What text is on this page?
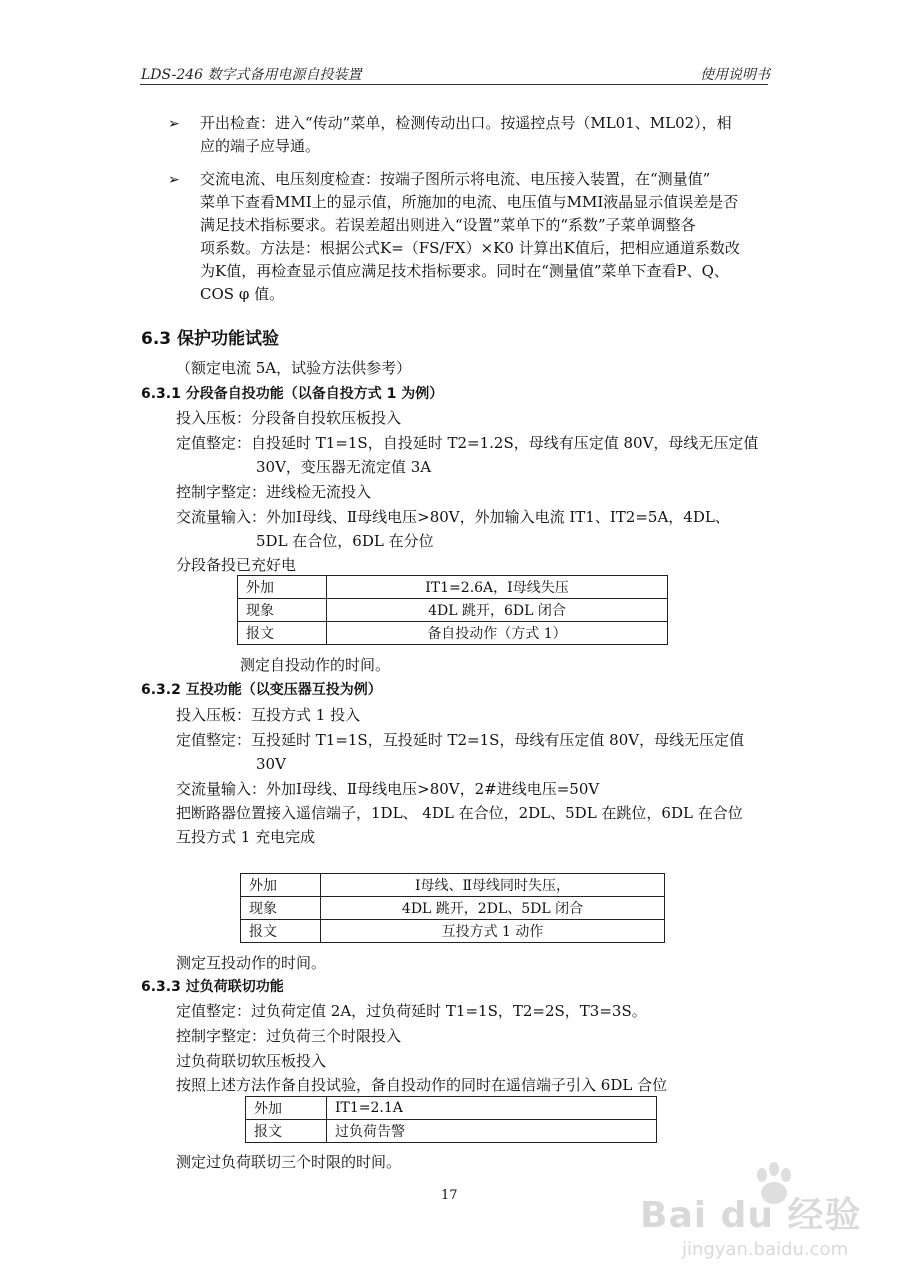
LDS-246 数字式备用电源自投装置	使用说明书
➢ 开出检查：进入“传动”菜单，检测传动出口。按遥控点号（ML01、ML02），相
应的端子应导通。
➢ 交流电流、电压刻度检查：按端子图所示将电流、电压接入装置，在“测量值”
菜单下查看MMI上的显示值，所施加的电流、电压值与MMI液晶显示值误差是否
满足技术指标要求。若误差超出则进入“设置”菜单下的“系数”子菜单调整各
项系数。方法是：根据公式K=（FS/FX）×K0 计算出K值后，把相应通道系数改
为K值，再检查显示值应满足技术指标要求。同时在“测量值”菜单下查看P、Q、
COS φ 值。
6.3 保护功能试验
（额定电流 5A，试验方法供参考）
6.3.1 分段备自投功能（以备自投方式 1 为例）
投入压板：分段备自投软压板投入
定值整定：自投延时 T1=1S，自投延时 T2=1.2S，母线有压定值 80V，母线无压定值
30V，变压器无流定值 3A
控制字整定：进线检无流投入
交流量输入：外加Ⅰ母线、Ⅱ母线电压>80V，外加输入电流 IT1、IT2=5A，4DL、
5DL 在合位，6DL 在分位
分段备投已充好电
外加	IT1=2.6A，Ⅰ母线失压
现象	4DL 跳开，6DL 闭合
报文	备自投动作（方式 1）
测定自投动作的时间。
6.3.2 互投功能（以变压器互投为例）
投入压板：互投方式 1 投入
定值整定：互投延时 T1=1S，互投延时 T2=1S，母线有压定值 80V，母线无压定值
30V
交流量输入：外加Ⅰ母线、Ⅱ母线电压>80V，2#进线电压=50V
把断路器位置接入遥信端子，1DL、 4DL 在合位，2DL、5DL 在跳位，6DL 在合位
互投方式 1 充电完成
外加	Ⅰ母线、Ⅱ母线同时失压，
现象	4DL 跳开，2DL、5DL 闭合
报文	互投方式 1 动作
测定互投动作的时间。
6.3.3 过负荷联切功能
定值整定：过负荷定值 2A，过负荷延时 T1=1S，T2=2S，T3=3S。
控制字整定：过负荷三个时限投入
过负荷联切软压板投入
按照上述方法作备自投试验，备自投动作的同时在遥信端子引入 6DL 合位
外加	IT1=2.1A
报文	过负荷告警
测定过负荷联切三个时限的时间。
17	Bai du 经验
jingyan.baidu.com
